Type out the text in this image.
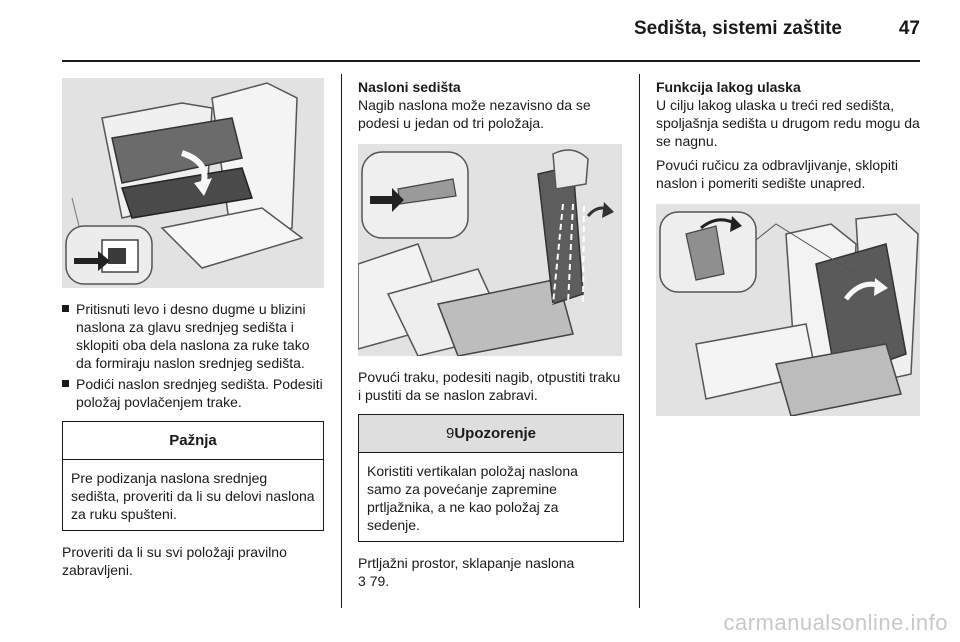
Sedišta, sistemi zaštite	47
Pritisnuti levo i desno dugme u blizini naslona za glavu srednjeg sedišta i sklopiti oba dela naslona za ruke tako da formiraju naslon srednjeg sedišta.
Podići naslon srednjeg sedišta. Podesiti položaj povlačenjem trake.
Pažnja
Pre podizanja naslona srednjeg sedišta, proveriti da li su delovi naslona za ruku spušteni.

Proveriti da li su svi položaji pravilno zabravljeni.

Nasloni sedišta

Nagib naslona može nezavisno da se podesi u jedan od tri položaja.

Povući traku, podesiti nagib, otpustiti traku i pustiti da se naslon zabravi.

9Upozorenje
Koristiti vertikalan položaj naslona samo za povećanje zapremine prtljažnika, a ne kao položaj za sedenje.

Prtljažni prostor, sklapanje naslona
3 79.

Funkcija lakog ulaska

U cilju lakog ulaska u treći red sedišta, spoljašnja sedišta u drugom redu mogu da se nagnu.

Povući ručicu za odbravljivanje, sklopiti naslon i pomeriti sedište unapred.

carmanualsonline.info
